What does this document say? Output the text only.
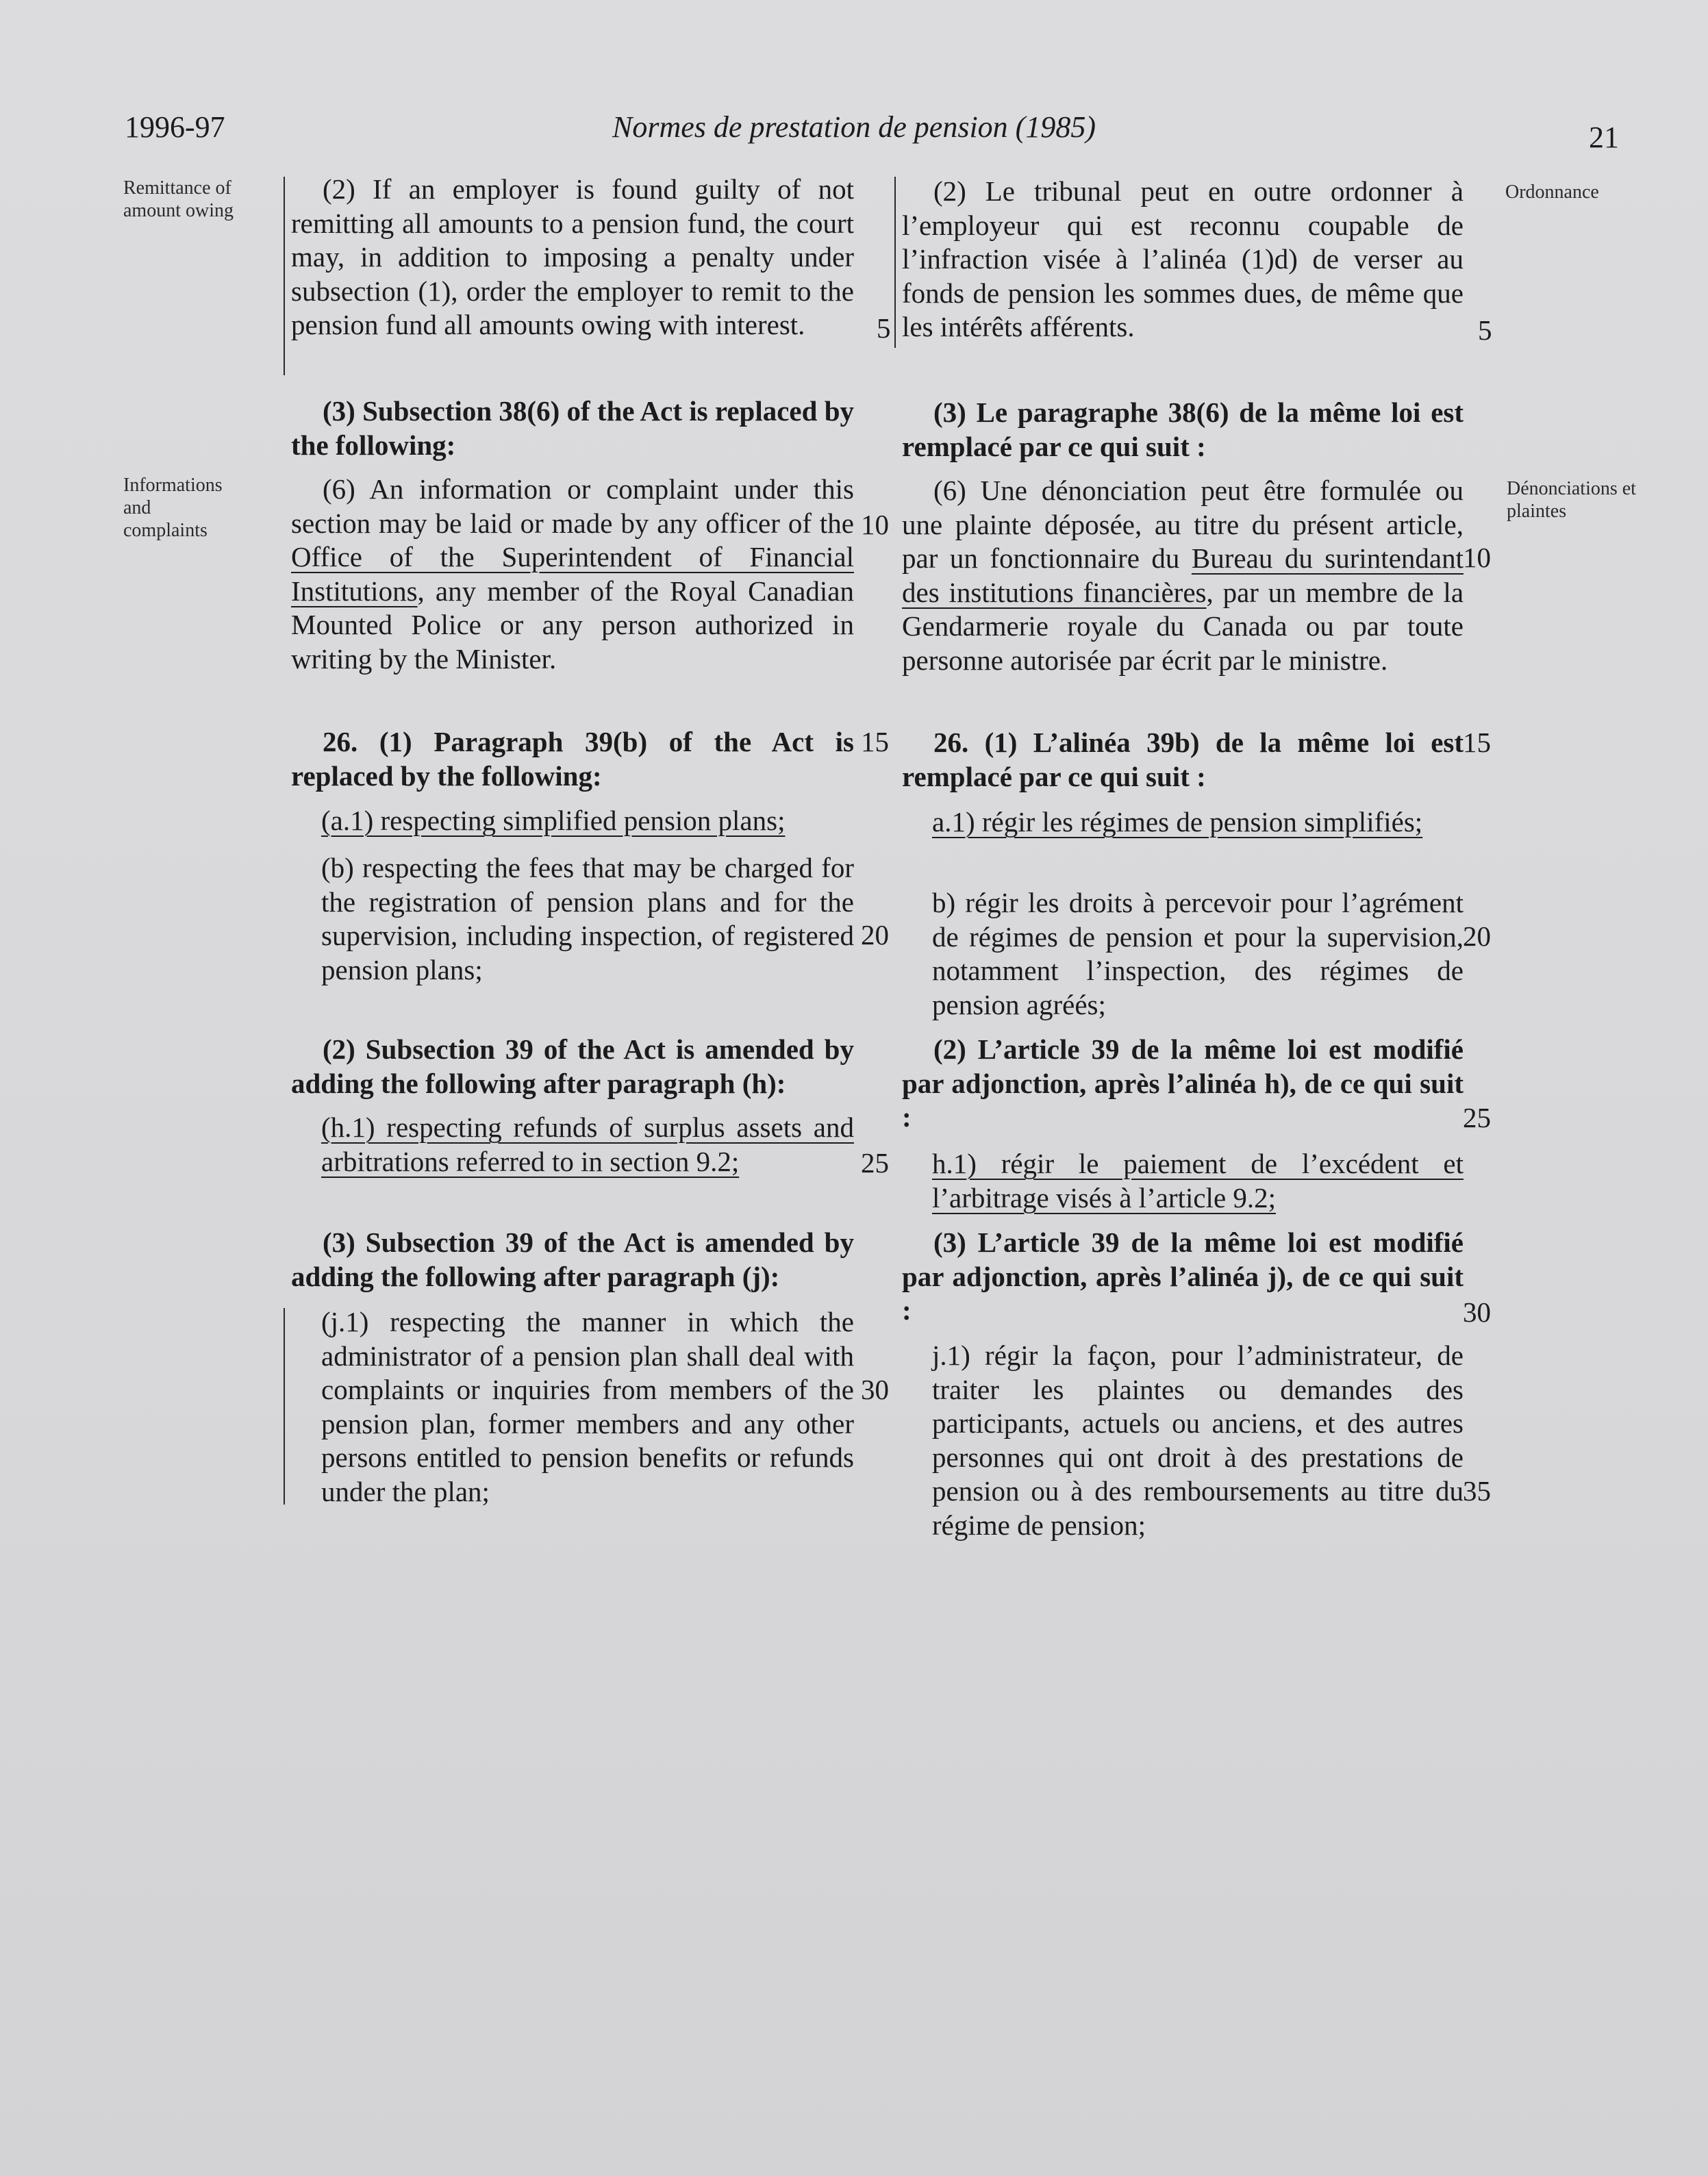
1996-97	Normes de prestation de pension (1985)	21
Remittance of amount owing
Informations and complaints
Ordonnance
Dénonciations et plaintes

(2) If an employer is found guilty of not remitting all amounts to a pension fund, the court may, in addition to imposing a penalty under subsection (1), order the employer to remit to the pension fund all amounts owing with interest.

(3) Subsection 38(6) of the Act is replaced by the following:

(6) An information or complaint under this section may be laid or made by any officer of the Office of the Superintendent of Financial Institutions, any member of the Royal Canadian Mounted Police or any person authorized in writing by the Minister.

26. (1) Paragraph 39(b) of the Act is replaced by the following:

(a.1) respecting simplified pension plans;

(b) respecting the fees that may be charged for the registration of pension plans and for the supervision, including inspection, of registered pension plans;

(2) Subsection 39 of the Act is amended by adding the following after paragraph (h):

(h.1) respecting refunds of surplus assets and arbitrations referred to in section 9.2;

(3) Subsection 39 of the Act is amended by adding the following after paragraph (j):

(j.1) respecting the manner in which the administrator of a pension plan shall deal with complaints or inquiries from members of the pension plan, former members and any other persons entitled to pension benefits or refunds under the plan;

(2) Le tribunal peut en outre ordonner à l’employeur qui est reconnu coupable de l’infraction visée à l’alinéa (1)d) de verser au fonds de pension les sommes dues, de même que les intérêts afférents.

(3) Le paragraphe 38(6) de la même loi est remplacé par ce qui suit :

(6) Une dénonciation peut être formulée ou une plainte déposée, au titre du présent article, par un fonctionnaire du Bureau du surintendant des institutions financières, par un membre de la Gendarmerie royale du Canada ou par toute personne autorisée par écrit par le ministre.

26. (1) L’alinéa 39b) de la même loi est remplacé par ce qui suit :

a.1) régir les régimes de pension simplifiés;

b) régir les droits à percevoir pour l’agrément de régimes de pension et pour la supervision, notamment l’inspection, des régimes de pension agréés;

(2) L’article 39 de la même loi est modifié par adjonction, après l’alinéa h), de ce qui suit :

h.1) régir le paiement de l’excédent et l’arbitrage visés à l’article 9.2;

(3) L’article 39 de la même loi est modifié par adjonction, après l’alinéa j), de ce qui suit :

j.1) régir la façon, pour l’administrateur, de traiter les plaintes ou demandes des participants, actuels ou anciens, et des autres personnes qui ont droit à des prestations de pension ou à des remboursements au titre du régime de pension;

5
10
15
20
25
30
5
10
15
20
25
30
35
